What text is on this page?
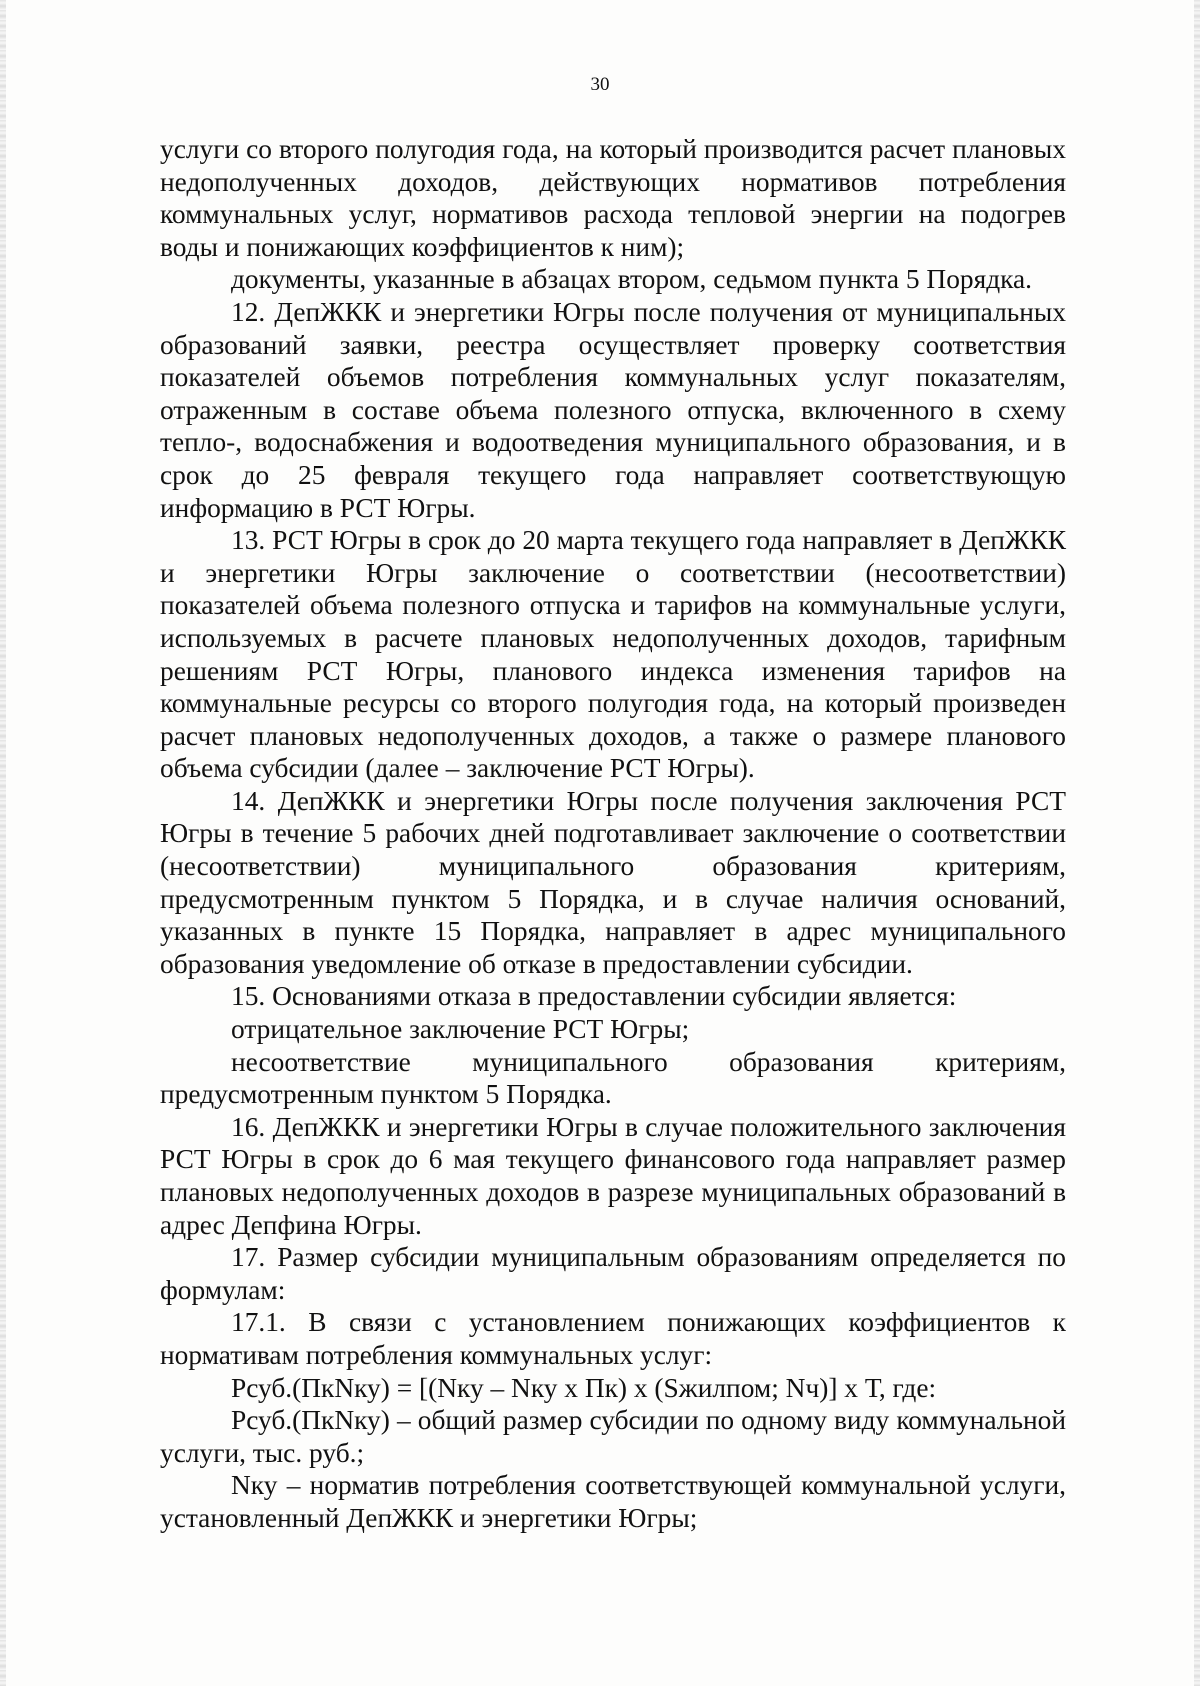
30

услуги со второго полугодия года, на который производится расчет плановых недополученных доходов, действующих нормативов потребления коммунальных услуг, нормативов расхода тепловой энергии на подогрев воды и понижающих коэффициентов к ним);

документы, указанные в абзацах втором, седьмом пункта 5 Порядка.

12. ДепЖКК и энергетики Югры после получения от муниципальных образований заявки, реестра осуществляет проверку соответствия показателей объемов потребления коммунальных услуг показателям, отраженным в составе объема полезного отпуска, включенного в схему тепло-, водоснабжения и водоотведения муниципального образования, и в срок до 25 февраля текущего года направляет соответствующую информацию в РСТ Югры.

13. РСТ Югры в срок до 20 марта текущего года направляет в ДепЖКК и энергетики Югры заключение о соответствии (несоответствии) показателей объема полезного отпуска и тарифов на коммунальные услуги, используемых в расчете плановых недополученных доходов, тарифным решениям РСТ Югры, планового индекса изменения тарифов на коммунальные ресурсы со второго полугодия года, на который произведен расчет плановых недополученных доходов, а также о размере планового объема субсидии (далее – заключение РСТ Югры).

14. ДепЖКК и энергетики Югры после получения заключения РСТ Югры в течение 5 рабочих дней подготавливает заключение о соответствии (несоответствии) муниципального образования критериям, предусмотренным пунктом 5 Порядка, и в случае наличия оснований, указанных в пункте 15 Порядка, направляет в адрес муниципального образования уведомление об отказе в предоставлении субсидии.

15. Основаниями отказа в предоставлении субсидии является:

отрицательное заключение РСТ Югры;

несоответствие муниципального образования критериям, предусмотренным пунктом 5 Порядка.

16. ДепЖКК и энергетики Югры в случае положительного заключения РСТ Югры в срок до 6 мая текущего финансового года направляет размер плановых недополученных доходов в разрезе муниципальных образований в адрес Депфина Югры.

17. Размер субсидии муниципальным образованиям определяется по формулам:

17.1. В связи с установлением понижающих коэффициентов к нормативам потребления коммунальных услуг:

Рсуб.(ПкNку) = [(Nку – Nку х Пк) х (Sжилпом; Nч)] х Т, где:

Рсуб.(ПкNку) – общий размер субсидии по одному виду коммунальной услуги, тыс. руб.;

Nку – норматив потребления соответствующей коммунальной услуги, установленный ДепЖКК и энергетики Югры;
